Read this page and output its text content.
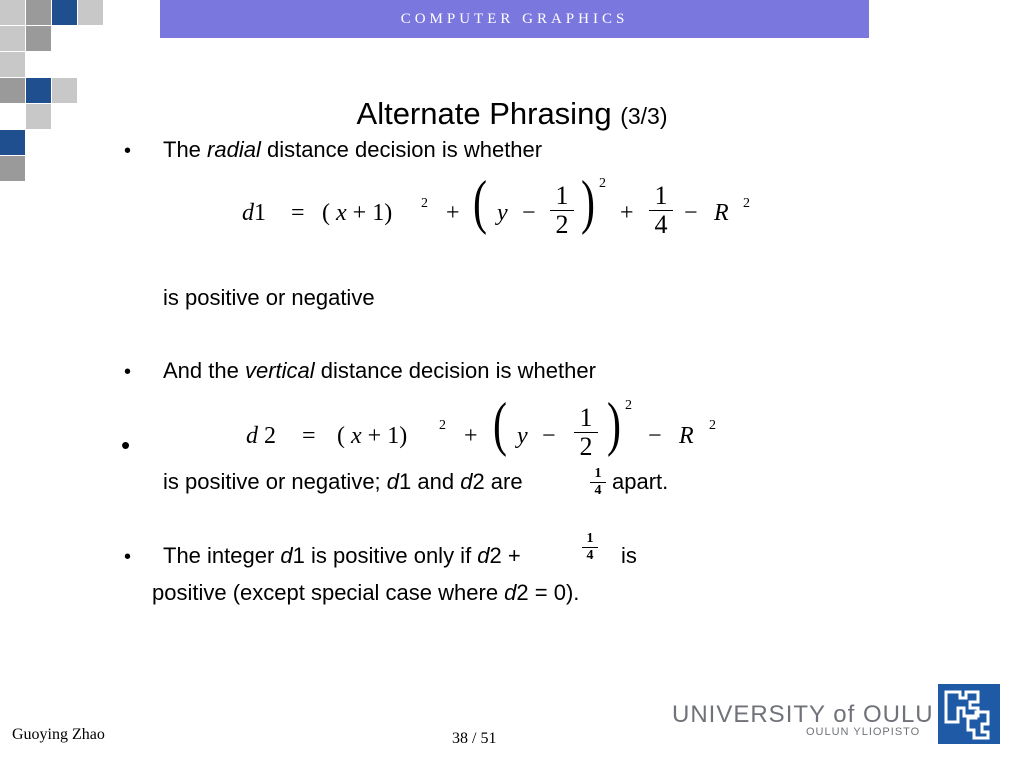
COMPUTER GRAPHICS
Alternate Phrasing (3/3)
• The radial distance decision is whether
d1 = ( x + 1) 2 + ( y −
1
2 ) 2
+
1
4 − R 2
is positive or negative
• And the vertical distance decision is whether
•	d 2 = ( x + 1) 2 + ( y −
1
2 ) 2
− R 2
is positive or negative; d1 and d2 are	1
4 apart.
• The integer d1 is positive only if d2 +
1
4 is
positive (except special case where d2 = 0).
Guoying Zhao	38 / 51
UNIVERSITY of OULU
OULUN YLIOPISTO
